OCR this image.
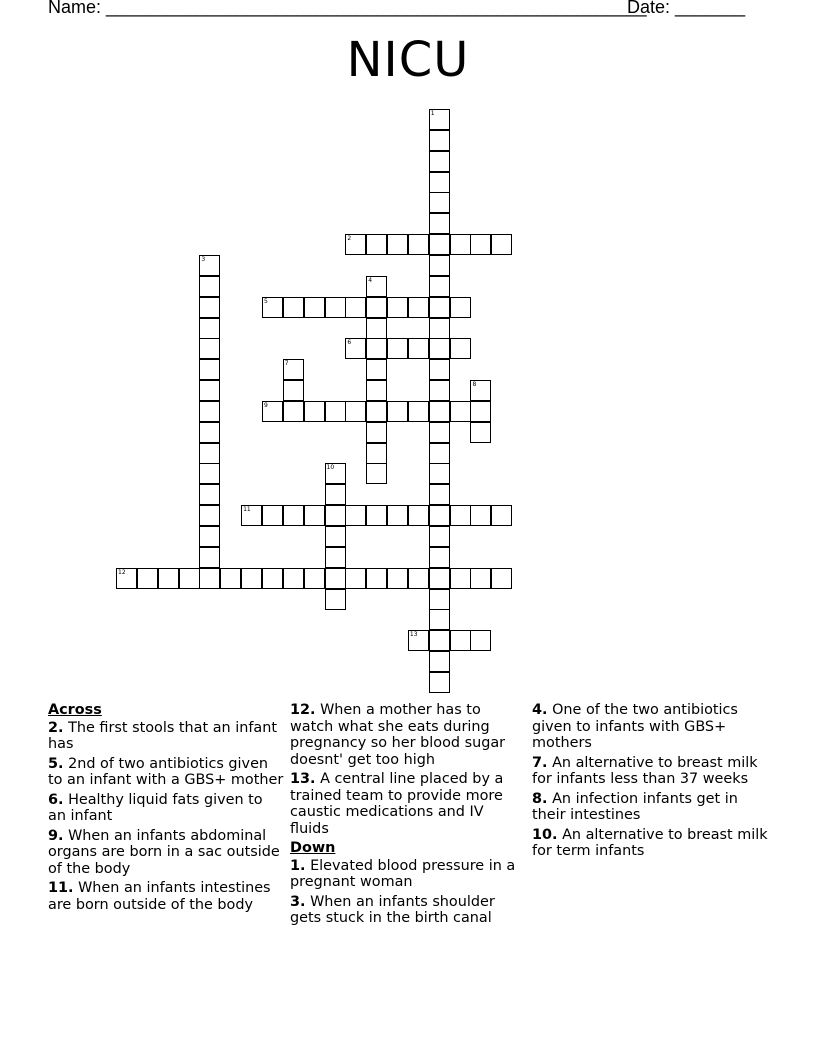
Name: ______________________________________________________
Date: _______
NICU
1
2
3
4
5
6
7
8
9
10
11
12
13
Across
2. The first stools that an infant has
5. 2nd of two antibiotics given to an infant with a GBS+ mother
6. Healthy liquid fats given to an infant
9. When an infants abdominal organs are born in a sac outside of the body
11. When an infants intestines are born outside of the body
12. When a mother has to watch what she eats during pregnancy so her blood sugar doesnt' get too high
13. A central line placed by a trained team to provide more caustic medications and IV fluids
Down
1. Elevated blood pressure in a pregnant woman
3. When an infants shoulder gets stuck in the birth canal
4. One of the two antibiotics given to infants with GBS+ mothers
7. An alternative to breast milk for infants less than 37 weeks
8. An infection infants get in their intestines
10. An alternative to breast milk for term infants
